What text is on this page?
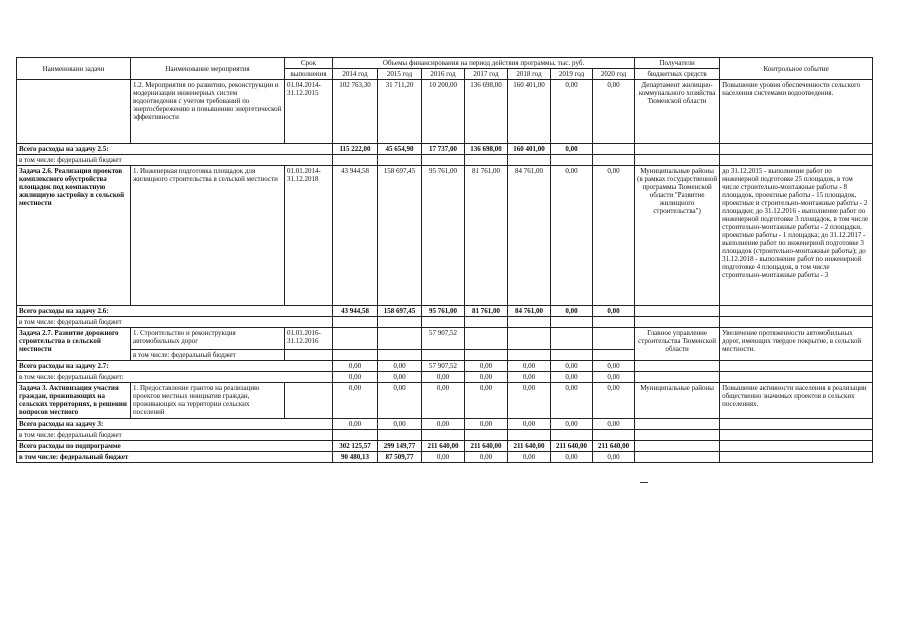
Наименовани задачи	Наименование мероприятия	Срок	Объемы финансирования на период действия программы, тыс. руб.							Получатели	Контрольное событие
		выполнения	2014 год	2015 год	2016 год	2017 год	2018 год	2019 год	2020 год	бюджетных средств	
	1.2. Мероприятия по развитию, реконструкции и модернизации инженерных систем водоотведения с учетом требований по энергосбережению и повышению энергетической эффективности	01.04.2014-31.12.2015	102 763,30	31 711,20	10 200,00	136 698,00	160 401,00	0,00	0,00	Департамент жилищно-коммунального хозяйства Тюменской области	Повышение уровня обеспеченности сельского населения системами водоотведения.
Всего расходы на задачу 2.5:			115 222,00	45 654,90	17 737,00	136 698,00	160 401,00	0,00			
в том числе: федеральный бюджет											
Задача 2.6. Реализация проектов комплексного обустройства площадок под компактную жилищную застройку в сельской местности	1. Инженерная подготовка площадок для жилищного строительства в сельской местности	01.01.2014-31.12.2018	43 944,58	158 697,45	95 761,00	81 761,00	84 761,00	0,00	0,00	Муниципальные районы (в рамках государственной программы Тюменской области "Развитие жилищного строительства")	до 31.12.2015 - выполнение работ по инженерной подготовке 25 площадок, в том числе строительно-монтажные работы - 8 площадок, проектные работы - 15 площадок, проектные и строительно-монтажные работы - 2 площадки; до 31.12.2016 - выполнение работ по инженерной подготовке 3 площадок, в том числе строительно-монтажные работы - 2 площадки, проектные работы - 1 площадка; до 31.12.2017 - выполнение работ по инженерной подготовке 3 площадок (строительно-монтажные работы); до 31.12.2018 - выполнение работ по инженерной подготовке 4 площадок, в том числе строительно-монтажные работы - 3
Всего расходы на задачу 2.6:			43 944,58	158 697,45	95 761,00	81 761,00	84 761,00	0,00	0,00		
в том числе: федеральный бюджет											
Задача 2.7. Развитие дорожного строительства в сельской местности	1. Строительство и реконструкция автомобильных дорог	01.01.2016-31.12.2016			57 907,52					Главное управление строительства Тюменской области	Увеличение протяженности автомобильных дорог, имеющих твердое покрытие, в сельской местности.
	в том числе: федеральный бюджет										
Всего расходы на задачу 2.7:			0,00	0,00	57 907,52	0,00	0,00	0,00	0,00		
в том числе: федеральный бюджет:			0,00	0,00	0,00	0,00	0,00	0,00	0,00		
Задача 3. Активизация участия граждан, проживающих на сельских территориях, в решении вопросов местного	1. Предоставление грантов на реализацию проектов местных инициатив граждан, проживающих на территории сельских поселений		0,00	0,00	0,00	0,00	0,00	0,00	0,00	Муниципальные районы	Повышение активности населения в реализации общественно значимых проектов в сельских поселениях.
Всего расходы на задачу 3:			0,00	0,00	0,00	0,00	0,00	0,00	0,00		
в том числе: федеральный бюджет											
Всего расходы по подпрограмме			302 125,57	299 149,77	211 640,00	211 640,00	211 640,00	211 640,00	211 640,00		
в том числе: федеральный бюджет			90 480,13	87 509,77	0,00	0,00	0,00	0,00	0,00		
